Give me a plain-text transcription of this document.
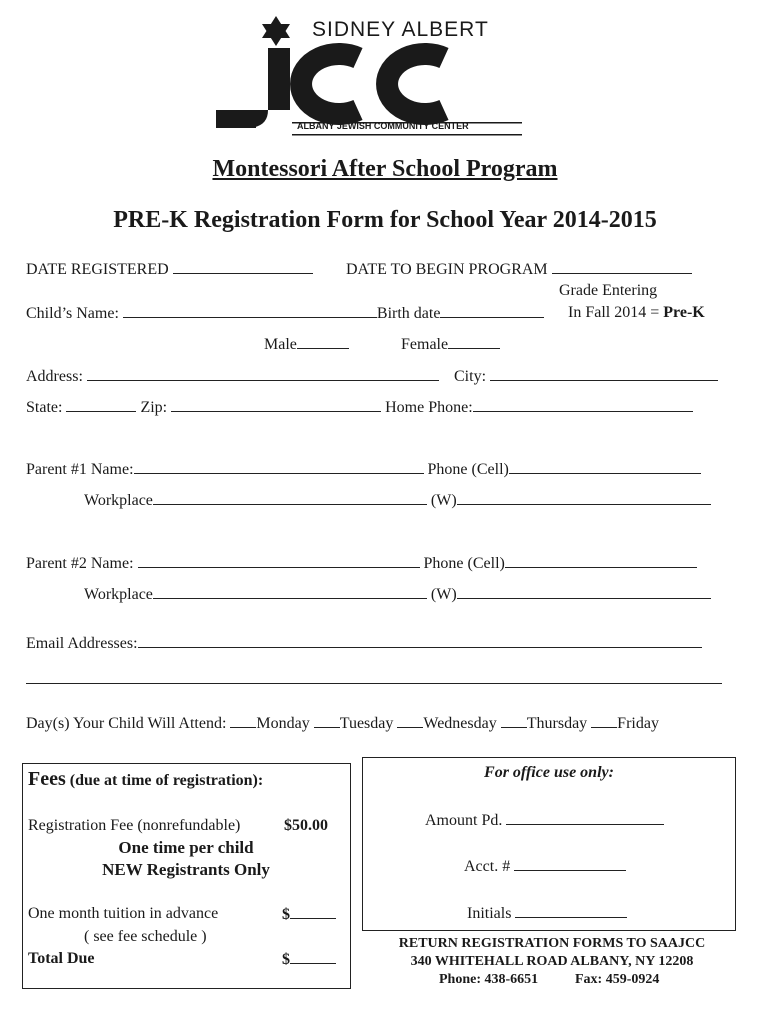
SIDNEY ALBERT
ALBANY JEWISH COMMUNITY CENTER
Montessori After School Program
PRE-K Registration Form for School Year 2014-2015
DATE REGISTERED	DATE TO BEGIN PROGRAM
Grade Entering
Child’s Name:	Birth date	In Fall 2014 = Pre-K
Male	Female
Address:	City:
State:	Zip:	Home Phone:
Parent #1 Name:	Phone (Cell)
Workplace	(W)
Parent #2 Name:	Phone (Cell)
Workplace	(W)
Email Addresses:
Day(s) Your Child Will Attend: Monday Tuesday Wednesday Thursday Friday
Fees (due at time of registration):
Registration Fee (nonrefundable)	$50.00
One time per child
NEW Registrants Only
One month tuition in advance	$
( see fee schedule )
Total Due	$
For office use only:
Amount Pd.
Acct. #
Initials
RETURN REGISTRATION FORMS TO SAAJCC
340 WHITEHALL ROAD ALBANY, NY 12208
Phone: 438-6651	Fax: 459-0924
